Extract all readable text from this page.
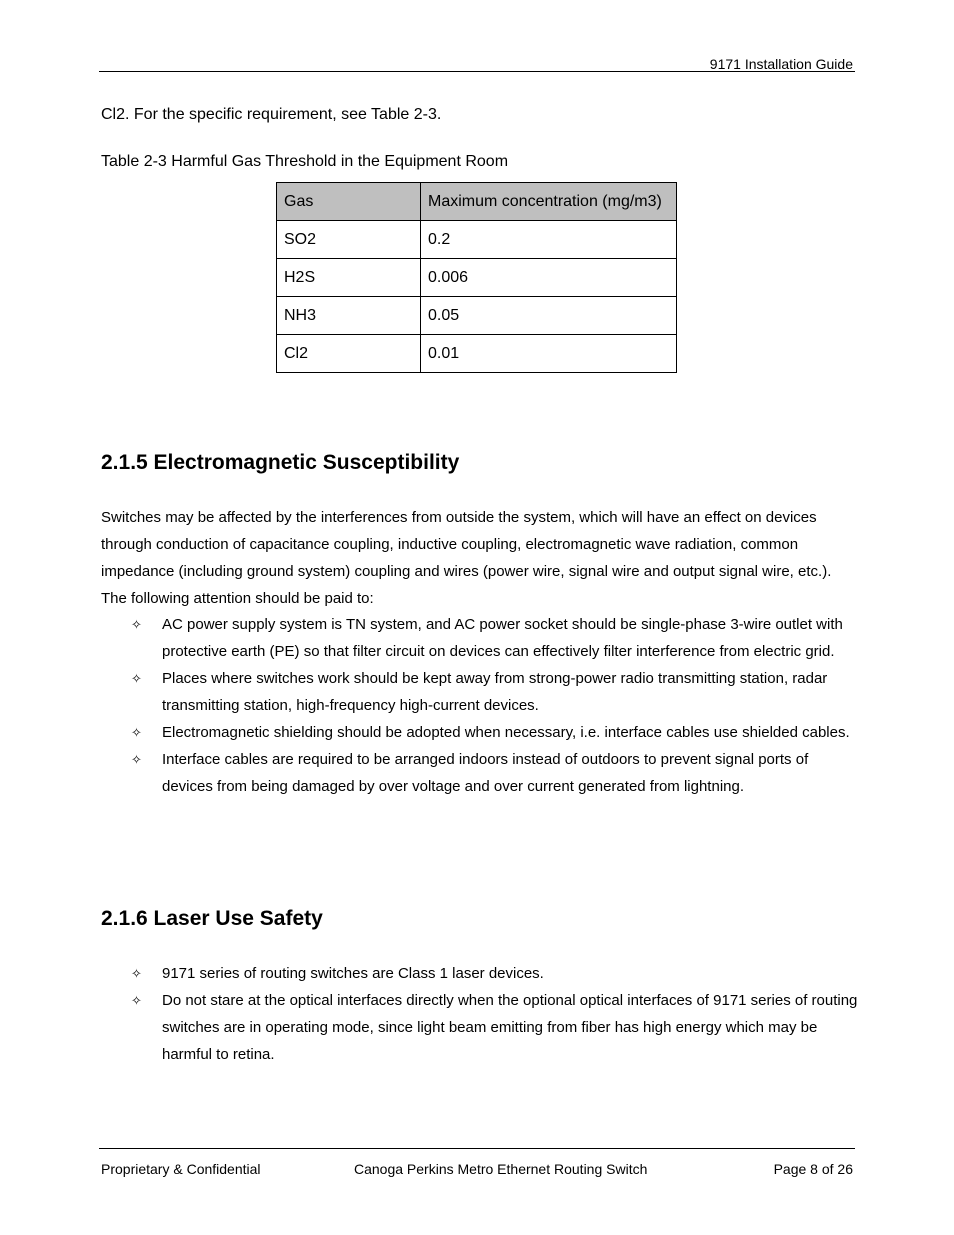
9171 Installation Guide
Cl2. For the specific requirement, see Table 2-3.
Table 2-3 Harmful Gas Threshold in the Equipment Room
Gas	Maximum concentration (mg/m3)
SO2	0.2
H2S	0.006
NH3	0.05
Cl2	0.01
2.1.5 Electromagnetic Susceptibility

Switches may be affected by the interferences from outside the system, which will have an effect on devices through conduction of capacitance coupling, inductive coupling, electromagnetic wave radiation, common impedance (including ground system) coupling and wires (power wire, signal wire and output signal wire, etc.). The following attention should be paid to:

✧ AC power supply system is TN system, and AC power socket should be single-phase 3-wire outlet with protective earth (PE) so that filter circuit on devices can effectively filter interference from electric grid.
✧ Places where switches work should be kept away from strong-power radio transmitting station, radar transmitting station, high-frequency high-current devices.
✧ Electromagnetic shielding should be adopted when necessary, i.e. interface cables use shielded cables.
✧ Interface cables are required to be arranged indoors instead of outdoors to prevent signal ports of devices from being damaged by over voltage and over current generated from lightning.
2.1.6 Laser Use Safety
✧ 9171 series of routing switches are Class 1 laser devices.
✧ Do not stare at the optical interfaces directly when the optional optical interfaces of 9171 series of routing switches are in operating mode, since light beam emitting from fiber has high energy which may be harmful to retina.
Proprietary & Confidential	Canoga Perkins Metro Ethernet Routing Switch	Page 8 of 26
